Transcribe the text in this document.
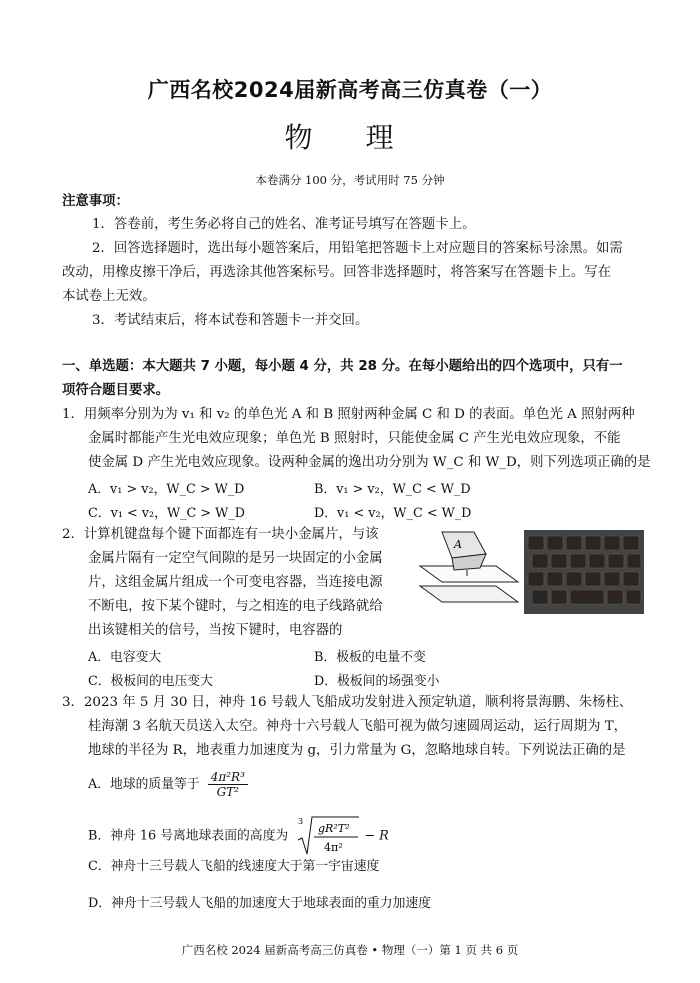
广西名校2024届新高考高三仿真卷（一）
物 理
本卷满分 100 分，考试用时 75 分钟
注意事项：
1．答卷前，考生务必将自己的姓名、准考证号填写在答题卡上。
2．回答选择题时，选出每小题答案后，用铅笔把答题卡上对应题目的答案标号涂黑。如需
改动，用橡皮擦干净后，再选涂其他答案标号。回答非选择题时，将答案写在答题卡上。写在
本试卷上无效。
3．考试结束后，将本试卷和答题卡一并交回。
一、单选题：本大题共 7 小题，每小题 4 分，共 28 分。在每小题给出的四个选项中，只有一
项符合题目要求。
1．用频率分别为为 v₁ 和 v₂ 的单色光 A 和 B 照射两种金属 C 和 D 的表面。单色光 A 照射两种
金属时都能产生光电效应现象；单色光 B 照射时，只能使金属 C 产生光电效应现象，不能
使金属 D 产生光电效应现象。设两种金属的逸出功分别为 W_C 和 W_D，则下列选项正确的是
A．v₁ > v₂，W_C > W_D	B．v₁ > v₂，W_C < W_D
C．v₁ < v₂，W_C > W_D	D．v₁ < v₂，W_C < W_D
2．计算机键盘每个键下面都连有一块小金属片，与该
金属片隔有一定空气间隙的是另一块固定的小金属
片，这组金属片组成一个可变电容器，当连接电源
不断电，按下某个键时，与之相连的电子线路就给
出该键相关的信号，当按下键时，电容器的
A．电容变大	B．极板的电量不变
C．极板间的电压变大	D．极板间的场强变小
A
3．2023 年 5 月 30 日，神舟 16 号载人飞船成功发射进入预定轨道，顺利将景海鹏、朱杨柱、
桂海潮 3 名航天员送入太空。神舟十六号载人飞船可视为做匀速圆周运动，运行周期为 T，
地球的半径为 R，地表重力加速度为 g，引力常量为 G，忽略地球自转。下列说法正确的是
A．地球的质量等于 $\frac{\text{4π²R³}}{\text{GT²}}$
B．神舟 16 号离地球表面的高度为
3
gR²T²
4π²
− R
C．神舟十三号载人飞船的线速度大于第一宇宙速度
D．神舟十三号载人飞船的加速度大于地球表面的重力加速度
广西名校 2024 届新高考高三仿真卷 • 物理（一）第 1 页 共 6 页
